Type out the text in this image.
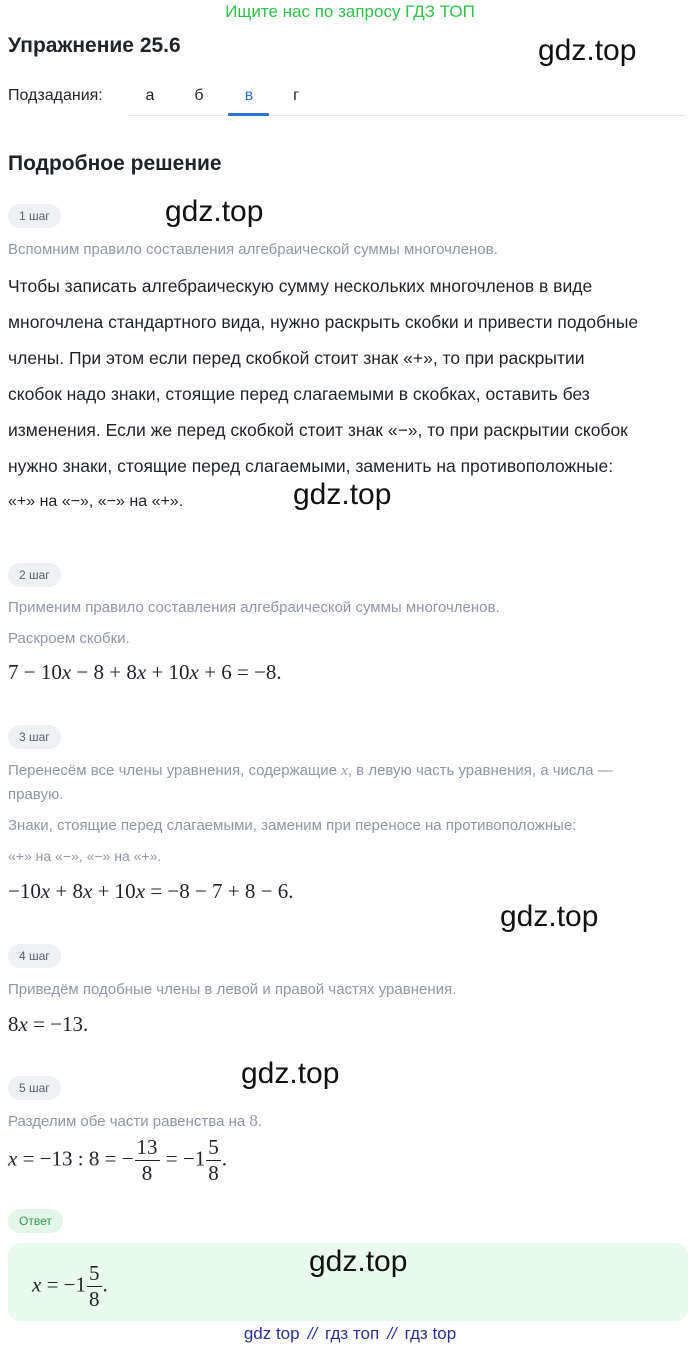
Ищите нас по запросу ГДЗ ТОП
Упражнение 25.6	gdz.top
Подзадания:	а	б	в	г
Подробное решение
1 шаг	gdz.top
Вспомним правило составления алгебраической суммы многочленов.
Чтобы записать алгебраическую сумму нескольких многочленов в виде
многочлена стандартного вида, нужно раскрыть скобки и привести подобные
члены. При этом если перед скобкой стоит знак «+», то при раскрытии
скобок надо знаки, стоящие перед слагаемыми в скобках, оставить без
изменения. Если же перед скобкой стоит знак «−», то при раскрытии скобок
нужно знаки, стоящие перед слагаемыми, заменить на противоположные:
«+» на «−», «−» на «+».	gdz.top
2 шаг
Применим правило составления алгебраической суммы многочленов.
Раскроем скобки.
7 − 10x − 8 + 8x + 10x + 6 = −8.
3 шаг
Перенесём все члены уравнения, содержащие x, в левую часть уравнения, а числа —
правую.
Знаки, стоящие перед слагаемыми, заменим при переносе на противоположные:
«+» на «−», «−» на «+».
−10x + 8x + 10x = −8 − 7 + 8 − 6.
gdz.top
4 шаг
Приведём подобные члены в левой и правой частях уравнения.
8x = −13.
gdz.top
5 шаг
Разделим обе части равенства на 8.
x = −13 : 8 = − $\frac{13}{8} = -1 \frac{5}{8}$ .
Ответ
gdz.top
$x = -1 \frac{5}{8}$ .
gdz top // гдз топ // гдз top
